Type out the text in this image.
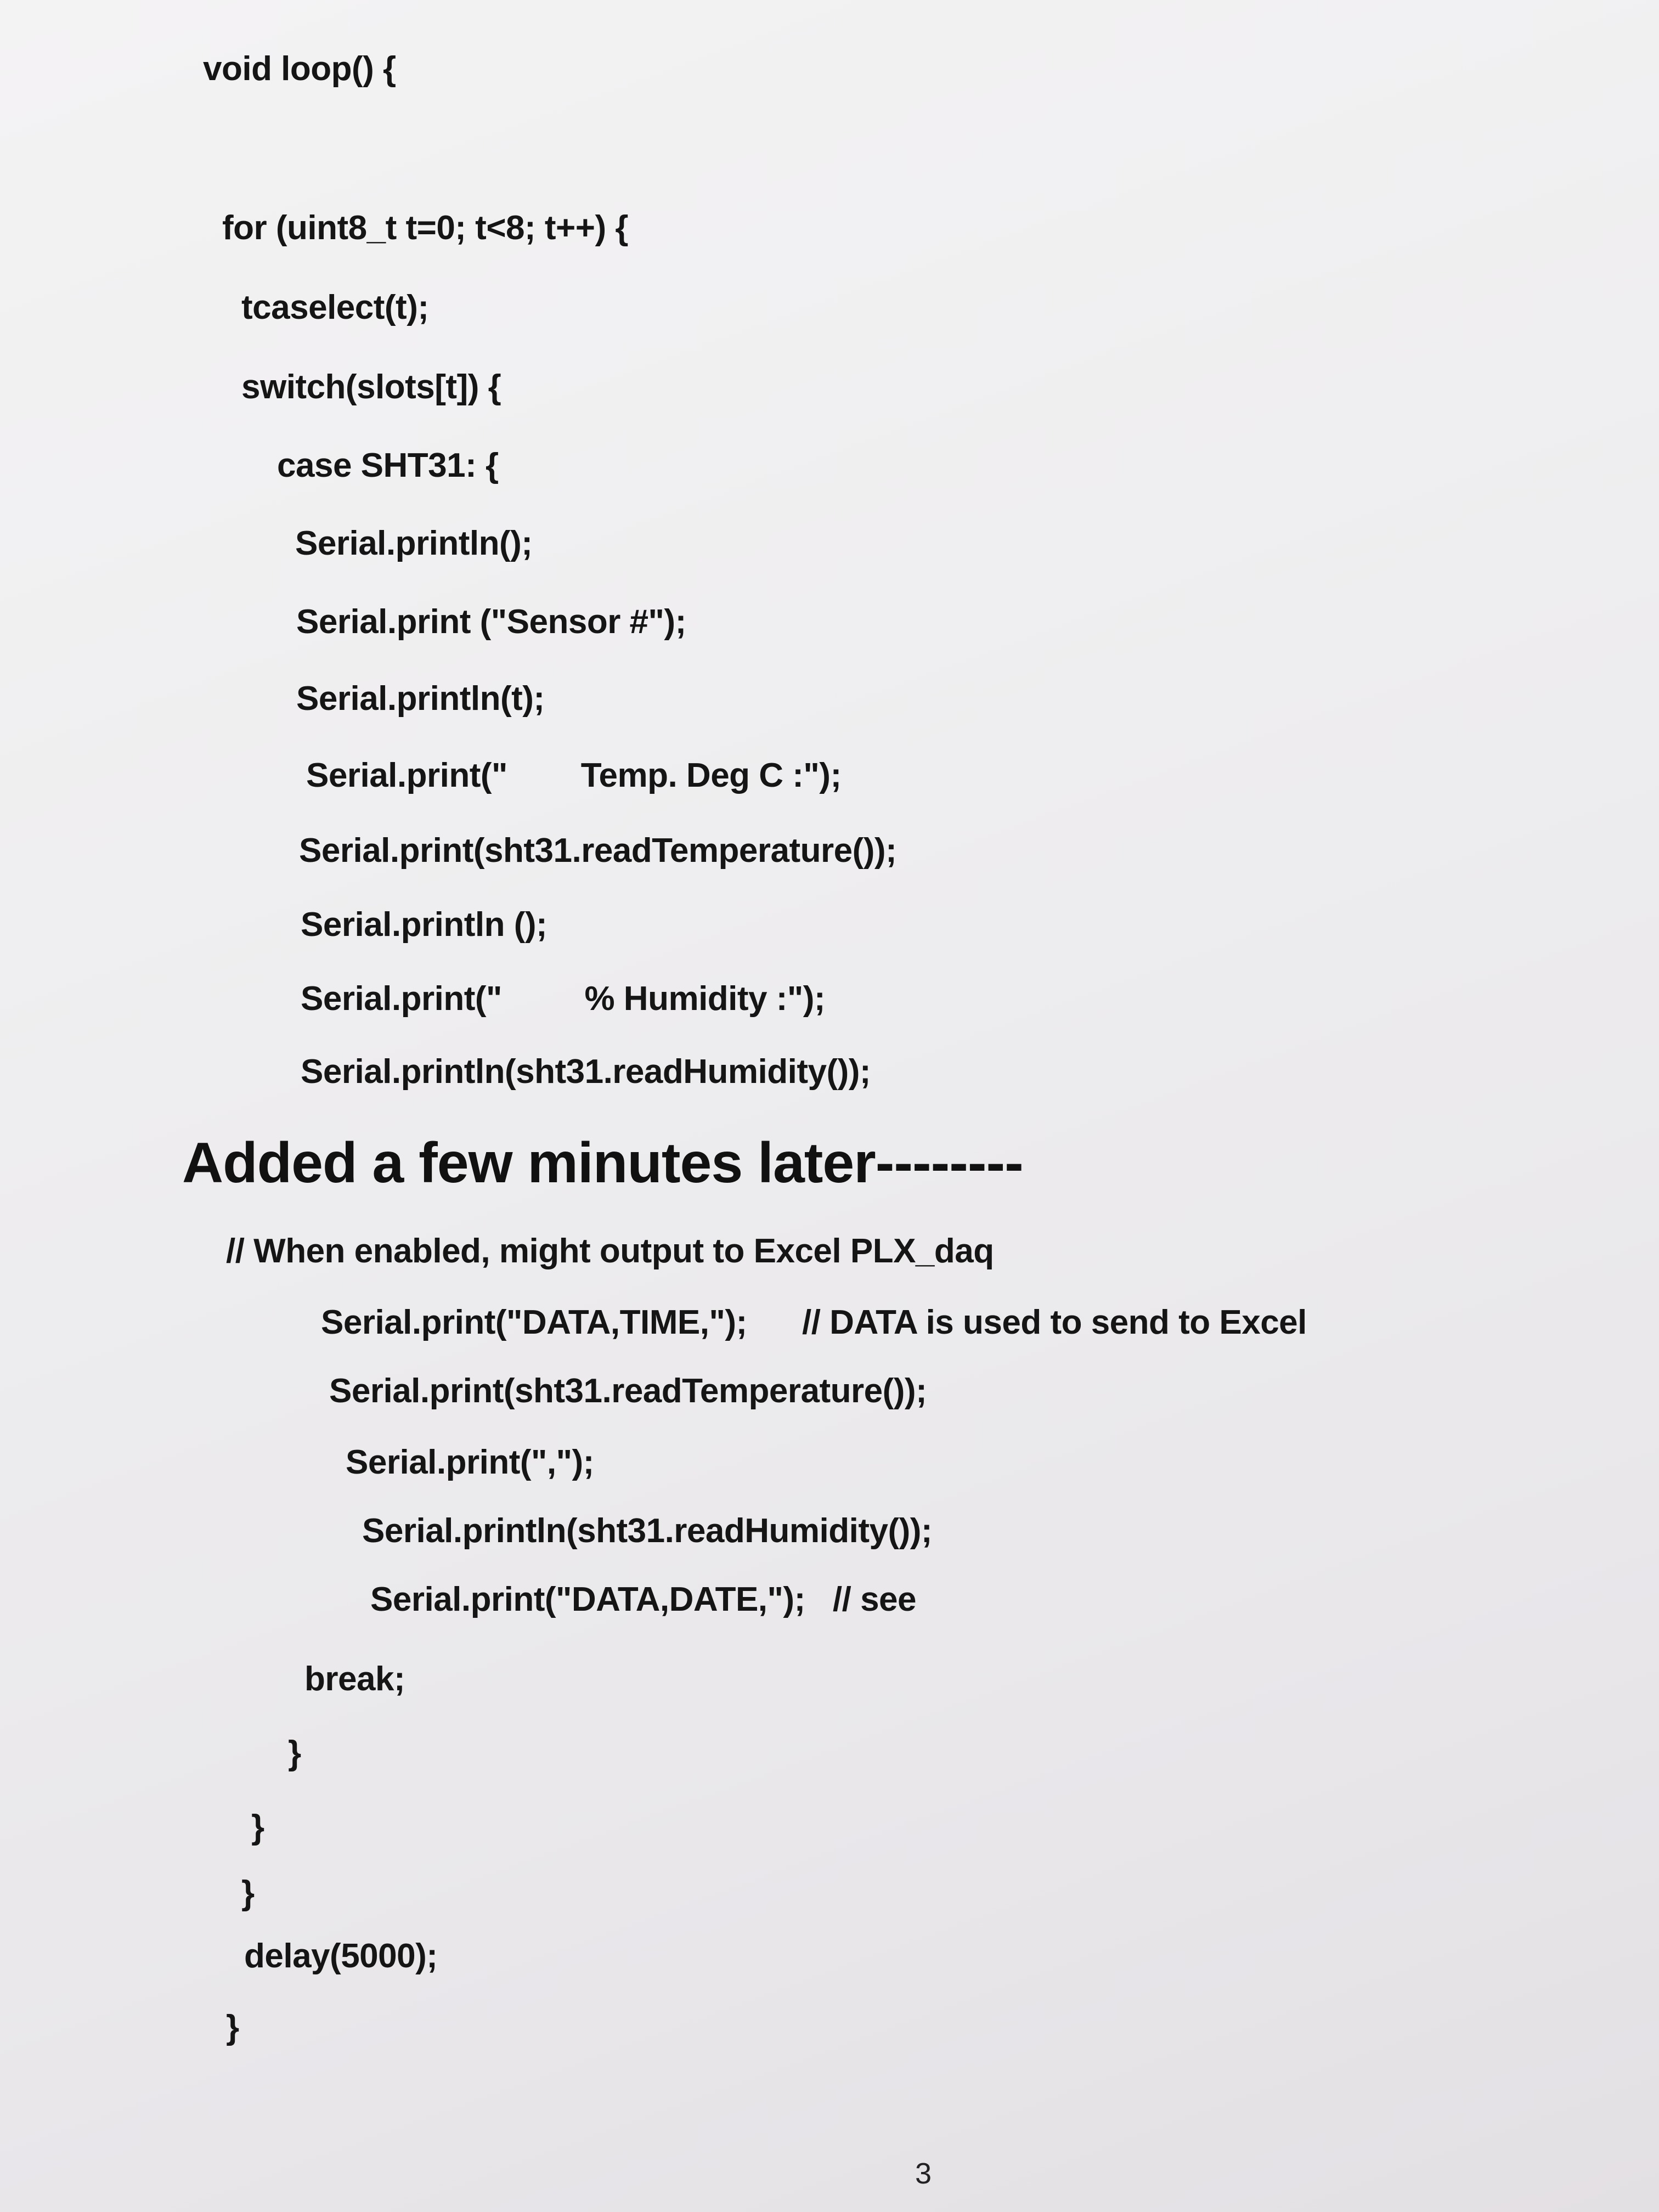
void loop() {
for (uint8_t t=0; t<8; t++) {
tcaselect(t);
switch(slots[t]) {
case SHT31: {
Serial.println();
Serial.print ("Sensor #");
Serial.println(t);
Serial.print("        Temp. Deg C :");
Serial.print(sht31.readTemperature());
Serial.println ();
Serial.print("         % Humidity :");
Serial.println(sht31.readHumidity());
Added a few minutes later--------
// When enabled, might output to Excel PLX_daq
Serial.print("DATA,TIME,");      // DATA is used to send to Excel
Serial.print(sht31.readTemperature());
Serial.print(",");
Serial.println(sht31.readHumidity());
Serial.print("DATA,DATE,");   // see
break;
}
}
}
delay(5000);
}
3
